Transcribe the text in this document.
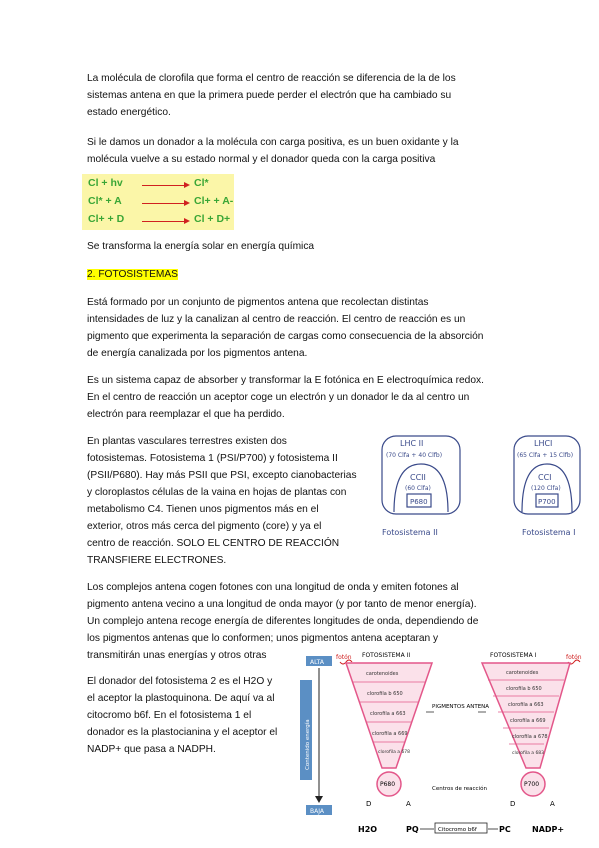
La molécula de clorofila que forma el centro de reacción se diferencia de la de los
sistemas antena en que la primera puede perder el electrón que ha cambiado su
estado energético.
Si le damos un donador a la molécula con carga positiva, es un buen oxidante y la
molécula vuelve a su estado normal y el donador queda con la carga positiva
Cl + hv → Cl*
Cl* + A → Cl+ + A-
Cl+ + D → Cl + D+
Se transforma la energía solar en energía química
2. FOTOSISTEMAS
Está formado por un conjunto de pigmentos antena que recolectan distintas
intensidades de luz y la canalizan al centro de reacción. El centro de reacción es un
pigmento que experimenta la separación de cargas como consecuencia de la absorción
de energía canalizada por los pigmentos antena.
Es un sistema capaz de absorber y transformar la E fotónica en E electroquímica redox.
En el centro de reacción un aceptor coge un electrón y un donador le da al centro un
electrón para reemplazar el que ha perdido.
En plantas vasculares terrestres existen dos
fotosistemas. Fotosistema 1 (PSI/P700) y fotosistema II
(PSII/P680). Hay más PSII que PSI, excepto cianobacterias
y cloroplastos células de la vaina en hojas de plantas con
metabolismo C4. Tienen unos pigmentos más en el
exterior, otros más cerca del pigmento (core) y ya el
centro de reacción. SOLO EL CENTRO DE REACCIÓN
TRANSFIERE ELECTRONES.
LHC II
(70 Clfa + 40 Clfb)
CCII
(60 Clfa)
P680
Fotosistema II
LHCI
(65 Clfa + 15 Clfb)
CCI
(120 Clfa)
P700
Fotosistema I
Los complejos antena cogen fotones con una longitud de onda y emiten fotones al
pigmento antena vecino a una longitud de onda mayor (y por tanto de menor energía).
Un complejo antena recoge energía de diferentes longitudes de onda, dependiendo de
los pigmentos antenas que lo conformen; unos pigmentos antena aceptaran y
transmitirán unas energías y otros otras
El donador del fotosistema 2 es el H2O y
el aceptor la plastoquinona. De aquí va al
citocromo b6f. En el fotosistema 1 el
donador es la plastocianina y el aceptor el
NADP+ que pasa a NADPH.
ALTA
Contenido energía
BAJA
FOTOSISTEMA II	FOTOSISTEMA I
fotón	fotón
carotenoides
clorofila b 650
clorofila a 663
clorofila a 669
clorofila a 678
carotenoides
clorofila b 650
clorofila a 663
clorofila a 669
clorofila a 678
clorofila a 683
PIGMENTOS ANTENA
Centros de reacción
P680	P700
D	A	D	A
H2O	PQ	Citocromo b6f	PC	NADP+
